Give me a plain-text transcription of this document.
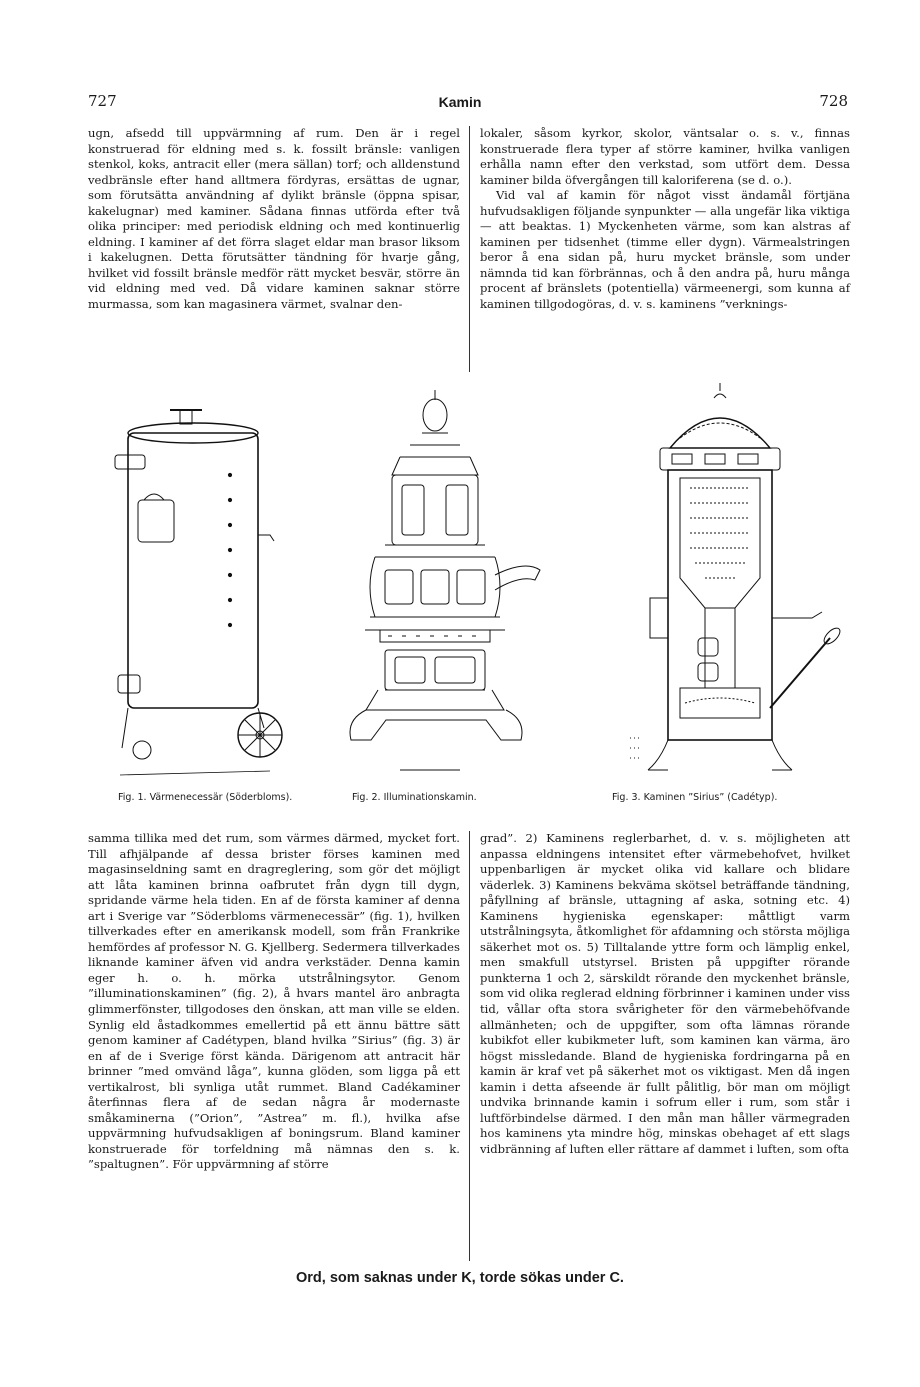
727	Kamin	728

ugn, afsedd till uppvärmning af rum. Den är i regel konstruerad för eldning med s. k. fossilt bränsle: vanligen stenkol, koks, antracit eller (mera sällan) torf; och alldenstund vedbränsle efter hand alltmera fördyras, ersättas de ugnar, som förutsätta användning af dylikt bränsle (öppna spisar, kakelugnar) med kaminer. Sådana finnas utförda efter två olika principer: med periodisk eldning och med kontinuerlig eldning. I kaminer af det förra slaget eldar man brasor liksom i kakelugnen. Detta förutsätter tändning för hvarje gång, hvilket vid fossilt bränsle medför rätt mycket besvär, större än vid eldning med ved. Då vidare kaminen saknar större murmassa, som kan magasinera värmet, svalnar den-

lokaler, såsom kyrkor, skolor, väntsalar o. s. v., finnas konstruerade flera typer af större kaminer, hvilka vanligen erhålla namn efter den verkstad, som utfört dem. Dessa kaminer bilda öfvergången till kaloriferena (se d. o.).

Vid val af kamin för något visst ändamål förtjäna hufvudsakligen följande synpunkter — alla ungefär lika viktiga — att beaktas. 1) Myckenheten värme, som kan alstras af kaminen per tidsenhet (timme eller dygn). Värmealstringen beror å ena sidan på, huru mycket bränsle, som under nämnda tid kan förbrännas, och å den andra på, huru många procent af bränslets (potentiella) värmeenergi, som kunna af kaminen tillgodogöras, d. v. s. kaminens ”verknings-

Fig. 1. Värmenecessär (Söderbloms).	Fig. 2. Illuminationskamin.	Fig. 3. Kaminen ”Sirius” (Cadétyp).

samma tillika med det rum, som värmes därmed, mycket fort. Till afhjälpande af dessa brister förses kaminen med magasinseldning samt en dragreglering, som gör det möjligt att låta kaminen brinna oafbrutet från dygn till dygn, spridande värme hela tiden. En af de första kaminer af denna art i Sverige var ”Söderbloms värmenecessär” (fig. 1), hvilken tillverkades efter en amerikansk modell, som från Frankrike hemfördes af professor N. G. Kjellberg. Sedermera tillverkades liknande kaminer äfven vid andra verkstäder. Denna kamin eger h. o. h. mörka utstrålningsytor. Genom ”illuminationskaminen” (fig. 2), å hvars mantel äro anbragta glimmerfönster, tillgodoses den önskan, att man ville se elden. Synlig eld åstadkommes emellertid på ett ännu bättre sätt genom kaminer af Cadétypen, bland hvilka ”Sirius” (fig. 3) är en af de i Sverige först kända. Därigenom att antracit här brinner ”med omvänd låga”, kunna glöden, som ligga på ett vertikalrost, bli synliga utåt rummet. Bland Cadékaminer återfinnas flera af de sedan några år modernaste småkaminerna (”Orion”, ”Astrea” m. fl.), hvilka afse uppvärmning hufvudsakligen af boningsrum. Bland kaminer konstruerade för torfeldning må nämnas den s. k. ”spaltugnen”. För uppvärmning af större

grad”. 2) Kaminens reglerbarhet, d. v. s. möjligheten att anpassa eldningens intensitet efter värmebehofvet, hvilket uppenbarligen är mycket olika vid kallare och blidare väderlek. 3) Kaminens bekväma skötsel beträffande tändning, påfyllning af bränsle, uttagning af aska, sotning etc. 4) Kaminens hygieniska egenskaper: måttligt varm utstrålningsyta, åtkomlighet för afdamning och största möjliga säkerhet mot os. 5) Tilltalande yttre form och lämplig enkel, men smakfull utstyrsel. Bristen på uppgifter rörande punkterna 1 och 2, särskildt rörande den myckenhet bränsle, som vid olika reglerad eldning förbrinner i kaminen under viss tid, vållar ofta stora svårigheter för den värmebehöfvande allmänheten; och de uppgifter, som ofta lämnas rörande kubikfot eller kubikmeter luft, som kaminen kan värma, äro högst missledande. Bland de hygieniska fordringarna på en kamin är kraf vet på säkerhet mot os viktigast. Men då ingen kamin i detta afseende är fullt pålitlig, bör man om möjligt undvika brinnande kamin i sofrum eller i rum, som står i luftförbindelse därmed. I den mån man håller värmegraden hos kaminens yta mindre hög, minskas obehaget af ett slags vidbränning af luften eller rättare af dammet i luften, som ofta

Ord, som saknas under K, torde sökas under C.
